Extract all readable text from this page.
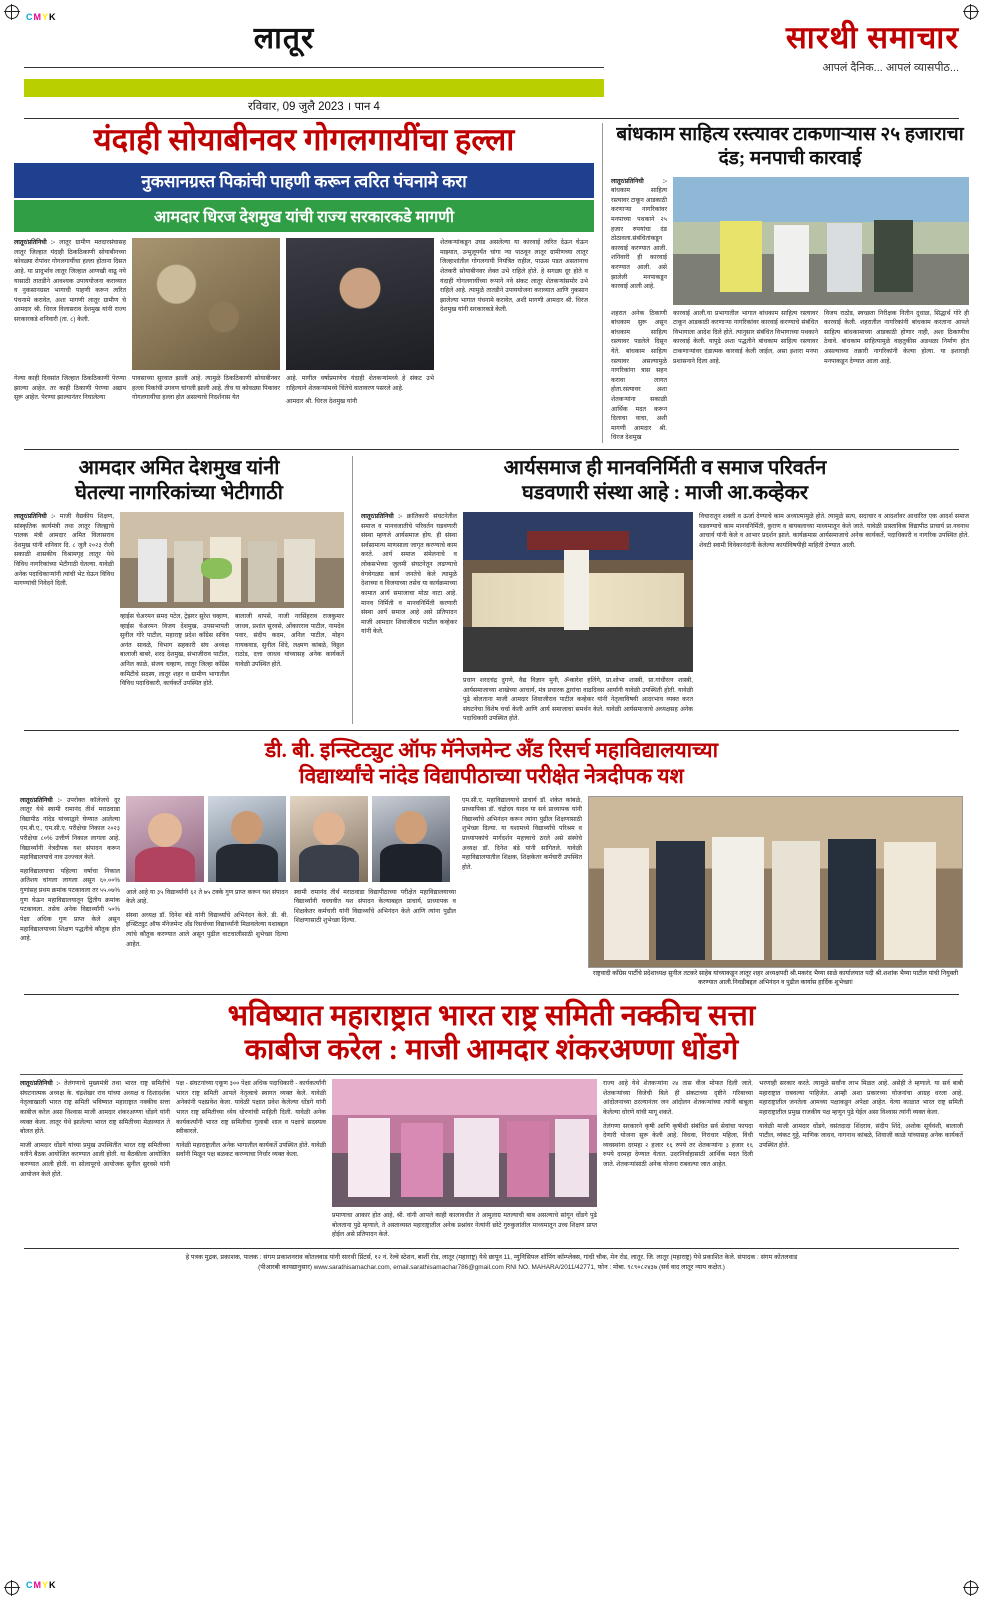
CMYK
CMYK
लातूर	सारथी समाचार
आपलं दैनिक... आपलं व्यासपीठ...
रविवार, 09 जुलै 2023 । पान 4
यंदाही सोयाबीनवर गोगलगायींचा हल्ला
नुकसानग्रस्त पिकांची पाहणी करून त्वरित पंचनामे करा
आमदार धिरज देशमुख यांची राज्य सरकारकडे मागणी
लातूर/प्रतिनिधी :- लातूर ग्रामीण मतदारसंघासह लातूर जिल्हात यंदाही ठिकठिकाणी सोयाबीनच्या कोवळ्या रोपांवर गोगलगायींचा हल्ला होताना दिसत आहे. या प्रादुर्भाव लातूर जिल्हात आणखी वाढू नये यासाठी तातडीने आवश्यक उपाययोजना कराव्यात व नुकसानग्रस्त भागाची पाहणी करून त्वरित पंचनामे करावेत, अशा मागणी लातूर ग्रामीण चे आमदार श्री. धिरज विलासराव देशमुख यांनी राज्य सरकारकडे शनिवारी (ता. ८) केली.
शेतकऱ्यांकडून उघड असलेल्या या कारवाई त्वरित देऊन घेऊन माझ्यात, उन्मुलूपर्यंत चांगा न्या पाठवून लातूर ग्रामीणच्या लातूर जिल्हाशांतील गोगलगायी नियंत्रित राहील, पाऊस पडत असतानाच शेतकरी सोयाबीनवर लेक्त उभे राहिले होते. हे सगळ्य दूर होते व यंदाही गोगलगायींच्या रूपाने नवे संकट लातूर शेतकऱ्यांसमोर उभे राहिले आहे. त्यामुळे तातडीने उपाययोजना कराव्यात आणि नुकसान झालेल्या भागात पंचनामे करावेत, अशी मागणी आमदार श्री. धिरज देशमुख यांनी सरकारकडे केली.
गेल्या काही दिवसांत जिल्हात ठिकठिकाणी पेरण्या झाल्या आहेत. तर काही ठिकाणी पेरण्या अद्याप सुरू आहेत. पेरण्या झाल्यानंतर निघालेल्या
पावसाच्या सुरवात झाली आहे. त्यामुळे ठिकठिकाणी सोयाबीनवर हल्ला पिकांची उगवण चांगली झाली आहे. तीच या कोवळ्या पिकावर गोगलगायींचा हल्ला होत असल्याचे निदर्शनास येत
आहे. मागील वर्षाप्रमाणेच यंदाही शेतकऱ्यांमध्ये हे संकट उभे राहिल्याने शेतकऱ्यांमध्ये चिंतेचे वातावरण पसरले आहे.
आमदार श्री. धिरज देशमुख यांनी
बांधकाम साहित्य रस्त्यावर टाकणाऱ्यास २५ हजाराचा दंड; मनपाची कारवाई
लातूर/प्रतिनिधी :- बांधकाम साहित्य रस्त्यावर टाकून आडकाठी करणाऱ्या नागरिकांवर मनपाच्या पथकाने २५ हजार रुपयांचा दंड ठोठावला.संबंधितांकडून कारवाई करण्यात आली. शनिवारी ही कारवाई करण्यात आली. असे झालेली मनपाकडून कारवाई आली आहे.
शहरात अनेक ठिकाणी बांधकाम सुरू असून बांधकाम साहित्य रस्त्यावर पडलेले दिसून येते. बांधकाम साहित्य रस्त्यावर असल्यामुळे नागरिकांना त्रास सहन करावा लागत होता.रस्त्यावर अशा शेतकऱ्यांना सकाळी आर्थिक मदत करून दिलाचा वाचा, अशी मागणी आमदार श्री. धिरज देशमुख
कारवाई आली.या प्रभागातील भागात बांधकाम साहित्य रस्त्यावर टाकून आडकाठी करणाऱ्या नागरिकांवर कारवाई करण्याचे संबंधित विभागाला आदेश दिले होते. त्यानुसार संबंधित विभागाच्या पथकाने कारवाई केली. यापुढे अशा पद्धतीने बांधकाम साहित्य रस्त्यावर टाकणाऱ्यांवर दंडात्मक कारवाई केली जाईल, असा इशारा मनपा प्रशासनाने दिला आहे.
विजय राठोड, स्वच्छता निरीक्षक नितीन दुधाळ, सिद्धार्थ गोरे ही कारवाई केली. शहरातील नागरिकांनी बांधकाम करताना आपले साहित्य बांधकामाच्या आडकाठी होणार नाही, अशा ठिकाणीच ठेवावे. बांधकाम साहित्यामुळे वाहतुकीस अडथळा निर्माण होत असल्याच्या तक्रारी नागरिकांनी केल्या होत्या. या इशाराही मनपाकडून देण्यात आला आहे.
आमदार अमित देशमुख यांनी
घेतल्या नागरिकांच्या भेटीगाठी
लातूर/प्रतिनिधी :- माजी वैद्यकीय शिक्षण, सांस्कृतिक कार्यमंत्री तथा लातूर जिल्ह्याचे पालक मंत्री आमदार अमित विलासराव देशमुख यांनी शनिवार दि. ८ जुलै २०२३ रोजी सकाळी शासकीय विश्रामगृह लातूर येथे विविध नागरिकांच्या भेटीगाठी घेतल्या. यावेळी अनेक पदाधिकाऱ्यांनी त्यांची भेट घेऊन विविध मागण्यांची निवेदने दिली.

व्हाईस चेअरमन समद पटेल, ट्रेझरर सुरेश चव्हाण, व्हाईस चेअरमन विजय देशमुख, उपसभापती सुनील गोरे पाटील, महाराष्ट्र प्रदेश काँग्रेस सचिव अनंत सावळे, विभाग सहकारी संघ अध्यक्ष बालाजी बाबरे, शरद देशमुख, संभाजीराव पाटील, अनिल काळे, संजय चव्हाण, लातूर जिल्हा काँग्रेस कमिटीचे सदस्य, लातूर शहर व ग्रामीण भागातील विविध पदाधिकारी, कार्यकर्ते उपस्थित होते.
बालाजी थापसे, नाजी नरसिंहराव राजकुमार जाधव, प्रशांत सुरवसे, ओंकारराव पाटील, नामदेव पवार, संदीप कदम, अनिल पाटील, मोहन गायकवाड, सुनील शिंदे, लक्ष्मण कांबळे, विठ्ठल राठोड, दत्ता जाधव यांच्यासह अनेक कार्यकर्ते यावेळी उपस्थित होते.
आर्यसमाज ही मानवनिर्मिती व समाज परिवर्तन
घडवणारी संस्था आहे : माजी आ.कव्हेकर
लातूर/प्रतिनिधी :- क्रांतिकारी संघटनेतील समाज व मानवजातीचे परिवर्तन घडवणारी संस्था म्हणजे आर्यसमाज होय. ही संस्था सर्वसामान्य माणसाला जागृत करण्याचे काम करते. आर्य समाज संमेलनाचे व लोकसभेच्या जुलमी संघटनेतून लढण्याचे वेगवेगळ्या कार्य जनतेचे केले त्यामुळे देशाच्या व विजयाच्या तसेच या कार्यक्रमाच्या कामात आर्य समाजाचा मोठा वाटा आहे. मानव निर्मिती व मानवनिर्मिती करणारी संस्था आर्य समाज आहे असे प्रतिपादन माजी आमदार शिवाजीराव पाटील कव्हेकर यांनी केले.
विचारातून शक्ती व ऊर्जा देण्याचे काम अध्यात्मामुळे होते. त्यामुळे सत्य, सदाचार व आदर्शांवर आधारित एक आदर्श समाज घडवण्याचे काम मानवनिर्मिती, कुराण व बायबलाच्या माध्यमातून केले जाते. यावेळी प्रास्ताविक विद्यापीठ प्राचार्य प्रा.नवनाथ आचार्य यांनी केले व आभार प्रदर्शन झाले. कार्यक्रमास आर्यसमाजाचे अनेक कार्यकर्ते, पदाधिकारी व नागरिक उपस्थित होते. शेवटी स्वामी विवेकानंदांनी केलेल्या कार्याविषयीही माहिती देण्यात आली.
प्रधान शरदचंद्र दुगणे, वैद्य विज्ञान मुनी, ॐकारेश हलिंगे, प्रा.शोभा शास्त्री, प्रा.गांधीरत्न शास्त्री, आर्यसमाजाच्या शाखेच्या आचार्य, मंत्र प्रचारक द्वारांचा वाढदिवस आर्यांनी यावेळी उपस्थिती होती. यावेळी पुढे बोलताना माजी आमदार शिवाजीराव पाटील कव्हेकर यांनी नेतृत्वाविषयी आदरभाव व्यक्त करत संघटनेचा विशेष चर्चा केली आणि आर्य समाजाचा समर्थन केले. यावेळी आर्यसमाजाचे अध्यक्षसह अनेक पदाधिकारी उपस्थित होते.
डी. बी. इन्स्टिट्युट ऑफ मॅनेजमेन्ट अँड रिसर्च महाविद्यालयाच्या
विद्यार्थ्यांचे नांदेड विद्यापीठाच्या परीक्षेत नेत्रदीपक यश
लातूर/प्रतिनिधी :- उपरोक्त कॉलेजचे दूर लातूर येथे स्वामी रामानंद तीर्थ मराठवाडा विद्यापीठ नांदेड यांच्याद्वारे घेण्यात आलेल्या एम.बी.ए., एम.सी.ए. परीक्षेचा निकाल २०२३ परीक्षेचा ८०% उत्तीर्ण निकाल लागला आहे. विद्यार्थ्यांनी नेत्रदीपक यश संपादन करून महाविद्यालयाचे नाव उज्ज्वल केले.
महाविद्यालयाचा पहिल्या वर्षाचा निकाल अतिशय चांगला लागला असून ६०.००% गुणांसह प्रथम क्रमांक पटकावला तर ५५.०७% गुण घेऊन महाविद्यालयातून द्वितीय क्रमांक पटकावला. तसेच अनेक विद्यार्थ्यांनी ५०% पेक्षा अधिक गुण प्राप्त केले असून महाविद्यालयाच्या शिक्षण पद्धतीचे कौतुक होत आहे.
आले आहे या ३५ विद्यार्थ्यांनी ६२ ते ७५ टक्के गुण प्राप्त करून यश संपादन केले आहे.
संस्था अध्यक्ष डॉ. दिनेश बंडे यांनी विद्यार्थ्यांचे अभिनंदन केले. डी. बी. इन्स्टिट्युट ऑफ मॅनेजमेन्ट अँड रिसर्चच्या विद्यार्थ्यांनी मिळवलेल्या यशाबद्दल त्यांचे कौतुक करण्यात आले असून पुढील वाटचालीसाठी शुभेच्छा दिल्या आहेत.
स्वामी रामानंद तीर्थ मराठवाडा विद्यापीठाच्या परीक्षेत महाविद्यालयाच्या विद्यार्थ्यांनी घवघवीत यश संपादन केल्याबद्दल प्राचार्य, प्राध्यापक व शिक्षकेतर कर्मचारी यांनी विद्यार्थ्यांचे अभिनंदन केले आणि त्यांना पुढील शिक्षणासाठी शुभेच्छा दिल्या.
एम.सी.ए. महाविद्यालयाचे प्राचार्य डॉ. शंकेत कांबळे, प्राध्यापिका डॉ. चंद्रोदय यादव या सर्व प्राध्यापक यांनी विद्यार्थ्यांचे अभिनंदन करून त्यांना पुढील शिक्षणासाठी शुभेच्छा दिल्या. या यशामध्ये विद्यार्थ्यांचे परिश्रम व प्राध्यापकांचे मार्गदर्शन महत्त्वाचे ठरले असे संस्थेचे अध्यक्ष डॉ. दिनेश बंडे यांनी सांगितले. यावेळी महाविद्यालयातील शिक्षक, शिक्षकेतर कर्मचारी उपस्थित होते.
राष्ट्रवादी काँग्रेस पार्टीचे प्रदेशाध्यक्ष सुनील तटकरे साहेब यांच्याकडून लातूर शहर अध्यक्षपदी श्री.मकरंद भैय्या साळे कार्यालयात पदी श्री.शशांक भैय्या पाटील यांची नियुक्ती करण्यात आली.निवडीबद्दल अभिनंदन व पुढील कार्यास हार्दिक शुभेच्छा!
भविष्यात महाराष्ट्रात भारत राष्ट्र समिती नक्कीच सत्ता
काबीज करेल : माजी आमदार शंकरअण्णा धोंडगे
लातूर/प्रतिनिधी :- तेलंगणाचे मुख्यमंत्री तथा भारत राष्ट्र समितीचे संघटनात्मक अध्यक्ष के. चंद्रशेखर राव यांच्या अध्यक्ष व दिशादर्शक नेतृत्वाखाली भारत राष्ट्र समिती भविष्यात महाराष्ट्रात नक्कीच सत्ता काबीज करेल असा विश्वास माजी आमदार शंकरअण्णा धोंडगे यांनी व्यक्त केला. लातूर येथे झालेल्या भारत राष्ट्र समितीच्या मेळाव्यात ते बोलत होते.
माजी आमदार धोंडगे यांच्या प्रमुख उपस्थितीत भारत राष्ट्र समितीच्या वतीने बैठक आयोजित करण्यात आली होती. या बैठकीला आयोजित करण्यात आली होती. या सोलापूरचे आयोजक सुनील सुरवसे यांनी आयोजन केले होते.
पक्ष - संघटनांच्या एकूण ३०० पेक्षा अधिक पदाधिकारी - कार्यकर्त्यांनी भारत राष्ट्र समिती आपले नेतृत्वाचे स्वागत व्यक्त केले. यावेळी अनेकांनी पक्षप्रवेश केला. यावेळी पक्षात प्रवेश केलेल्या धोंडगे यांनी भारत राष्ट्र समितीच्या ध्येय धोरणांची माहिती दिली. यावेळी अनेक कार्यकर्त्यांनी भारत राष्ट्र समितीचा गुलाबी शाल व पक्षाचे सदस्यत्व स्वीकारले.
यावेळी महाराष्ट्रातील अनेक भागातील कार्यकर्ते उपस्थित होते. यावेळी सर्वांनी मिळून पक्ष बळकट करण्याचा निर्धार व्यक्त केला.
प्रमाणाचा आकार होत आहे, श्री. वांनी आपले काही कालावधीत ते आमुलाग्र मतल्याची बाब असल्याचे सांगून धोंडगे पुढे बोलताना पुढे म्हणाले, ते अस्ताव्यस्त महाराष्ट्रातील अनेक प्रश्नांवर नेत्यांनी छोटे गुरुकुलांतील माध्यमातून उच्च शिक्षण प्राप्त होईल असे प्रतिपादन केले.
राज्य आहे येथे शेतकऱ्यांना २४ तास वीज मोफत दिली जाते. शेतकऱ्यांच्या विजेची बिले ही संकटाच्या दृष्टीने गरिबाच्या आंदोलनाच्या ठरल्यानंतर जन आंदोलन शेतकऱ्यांच्या त्यांनी बाबूला केलेल्या धोरणे यांची मागू शकते.
तेलंगणा सरकारने कृषी आणि कृषीशी संबंधित सर्व सेवांचा फायदा देणारी योजना सुरू केली आहे. विधवा, निराधार महिला, विधी व्यवस्थांना दरमहा २ हजार १६ रुपये तर शेतकऱ्यांना ३ हजार १६ रुपये दरमहा देण्यात येतात. उदरनिर्वाहासाठी आर्थिक मदत दिली जाते. शेतकऱ्यांसाठी अनेक योजना राबवल्या जात आहेत.
भरणाही सरकार करते. त्यामुळे सर्वांना लाभ मिळत आहे. असेही ते म्हणाले. या सर्व बाबी महाराष्ट्रात राबवल्या पाहिजेत. आम्ही अशा प्रकारच्या योजनांचा आग्रह धरला आहे. महाराष्ट्रातील जनतेला आमच्या पक्षाकडून अपेक्षा आहेत. येत्या काळात भारत राष्ट्र समिती महाराष्ट्रातील प्रमुख राजकीय पक्ष म्हणून पुढे येईल असा विश्वास त्यांनी व्यक्त केला.
यावेळी माजी आमदार धोंडगे, वसंतदादा शिंदराव, संदीप शिंदे, अशोक सूर्यवंशी, बालाजी पाटील, व्यंकट गुट्टे, माणिक जाधव, नागनाथ कांबळे, शिवाजी काळे यांच्यासह अनेक कार्यकर्ते उपस्थित होते.
हे पत्रक मुद्रक, प्रकाशक, पालक : संगम प्रकाशनराव कोतलवाड यांनी सारथी प्रिंटर्स, १२ नं. रेल्वे स्टेशन, बार्शी रोड, लातूर (महाराष्ट्र) येथे छापून 11, म्युनिसिपल शॉपिंग कॉम्प्लेक्स, गांधी चौक, मेन रोड, लातूर. जि. लातूर (महाराष्ट्र) येथे प्रकाशित केले. संपादक : संगम कोतलवाड
(पीआरबी कायद्यानुसार) www.sarathisamachar.com, email.sarathisamachar786@gmail.com RNI NO. MAHARA/2011/42771, फोन : मोबा. ९८९०८२४३७ (सर्व वाद लातूर न्याय कक्षेत.)
